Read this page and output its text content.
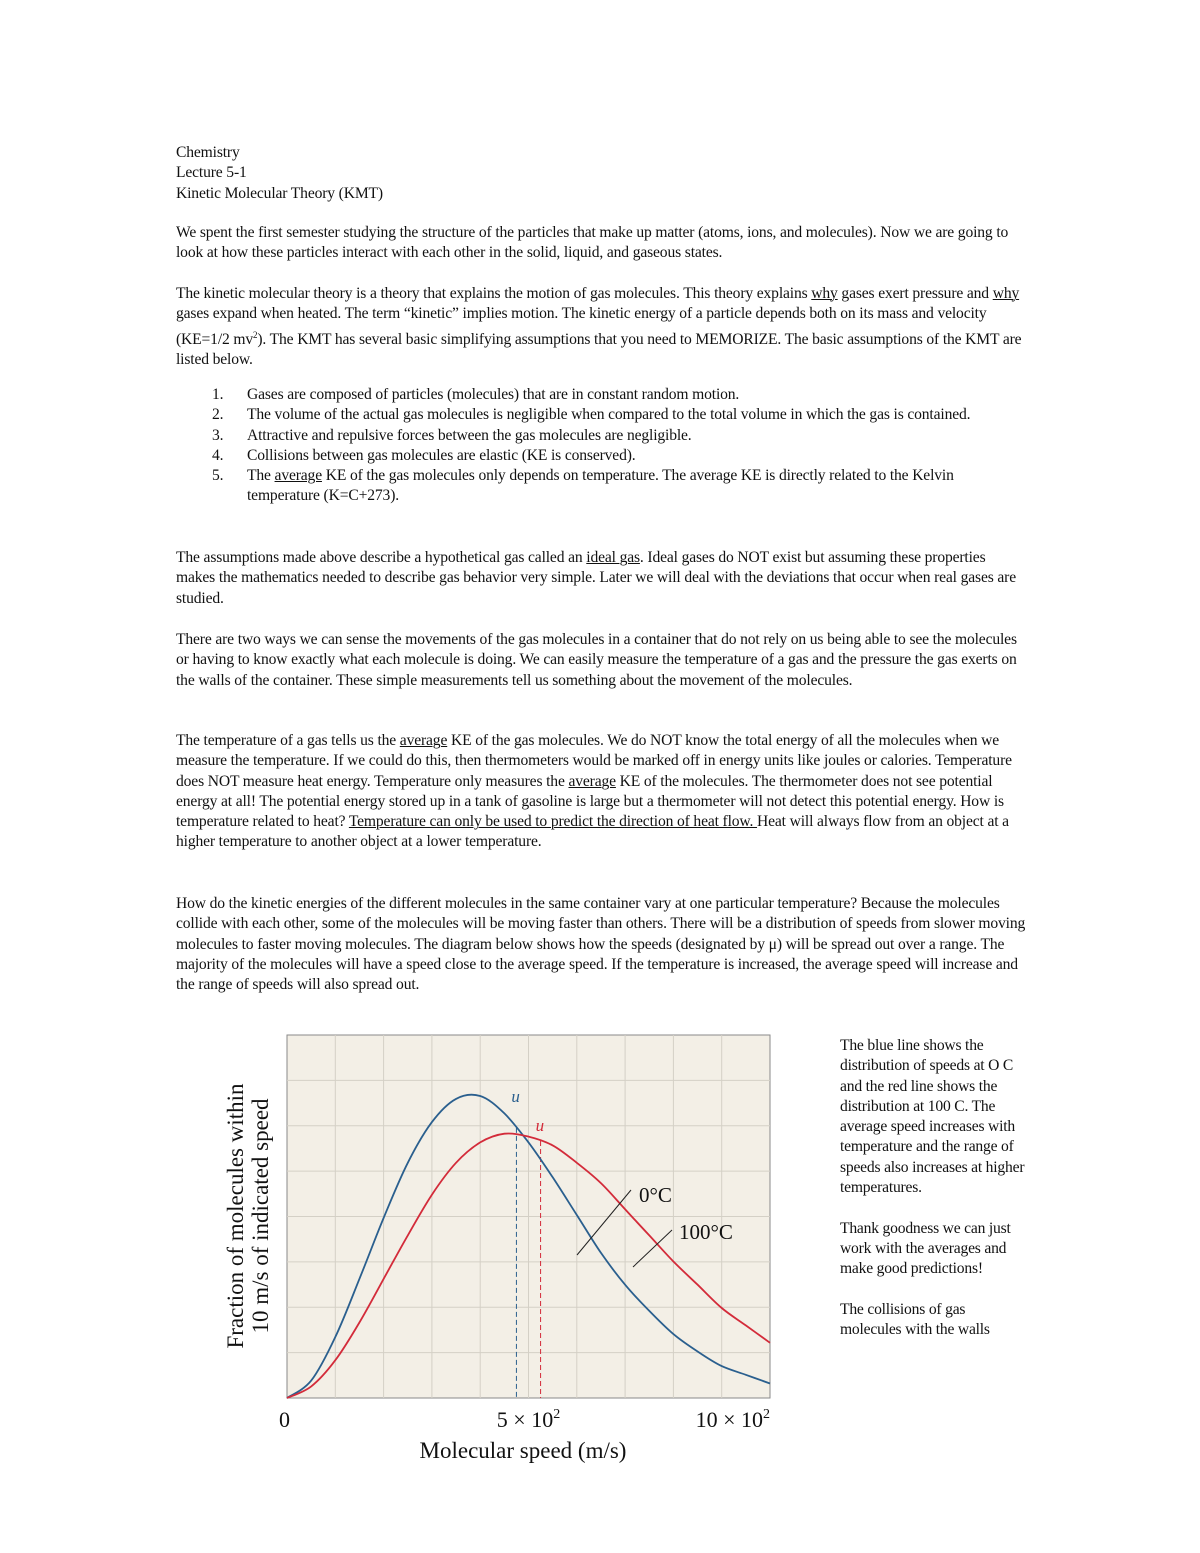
Chemistry
Lecture 5-1
Kinetic Molecular Theory (KMT)

We spent the first semester studying the structure of the particles that make up matter (atoms, ions, and molecules). Now we are going to look at how these particles interact with each other in the solid, liquid, and gaseous states.

The kinetic molecular theory is a theory that explains the motion of gas molecules. This theory explains why gases exert pressure and why gases expand when heated. The term “kinetic” implies motion. The kinetic energy of a particle depends both on its mass and velocity (KE=1/2 $mv^2$). The KMT has several basic simplifying assumptions that you need to MEMORIZE. The basic assumptions of the KMT are listed below.

1. Gases are composed of particles (molecules) that are in constant random motion.
2. The volume of the actual gas molecules is negligible when compared to the total volume in which the gas is contained.
3. Attractive and repulsive forces between the gas molecules are negligible.
4. Collisions between gas molecules are elastic (KE is conserved).
5. The average KE of the gas molecules only depends on temperature. The average KE is directly related to the Kelvin temperature (K=C+273).

The assumptions made above describe a hypothetical gas called an ideal gas. Ideal gases do NOT exist but assuming these properties makes the mathematics needed to describe gas behavior very simple. Later we will deal with the deviations that occur when real gases are studied.

There are two ways we can sense the movements of the gas molecules in a container that do not rely on us being able to see the molecules or having to know exactly what each molecule is doing. We can easily measure the temperature of a gas and the pressure the gas exerts on the walls of the container. These simple measurements tell us something about the movement of the molecules.

The temperature of a gas tells us the average KE of the gas molecules. We do NOT know the total energy of all the molecules when we measure the temperature. If we could do this, then thermometers would be marked off in energy units like joules or calories. Temperature does NOT measure heat energy. Temperature only measures the average KE of the molecules. The thermometer does not see potential energy at all! The potential energy stored up in a tank of gasoline is large but a thermometer will not detect this potential energy. How is temperature related to heat? Temperature can only be used to predict the direction of heat flow. Heat will always flow from an object at a higher temperature to another object at a lower temperature.

How do the kinetic energies of the different molecules in the same container vary at one particular temperature? Because the molecules collide with each other, some of the molecules will be moving faster than others. There will be a distribution of speeds from slower moving molecules to faster moving molecules. The diagram below shows how the speeds (designated by μ) will be spread out over a range. The majority of the molecules will have a speed close to the average speed. If the temperature is increased, the average speed will increase and the range of speeds will also spread out.

u
u
0	$5 \times 10^2$	$10 \times 10^2$
0°C
100°C
Fraction of molecules within 10 m/s of indicated speed
Molecular speed (m/s)

The blue line shows the distribution of speeds at O C and the red line shows the distribution at 100 C. The average speed increases with temperature and the range of speeds also increases at higher temperatures.

Thank goodness we can just work with the averages and make good predictions!

The collisions of gas molecules with the walls
